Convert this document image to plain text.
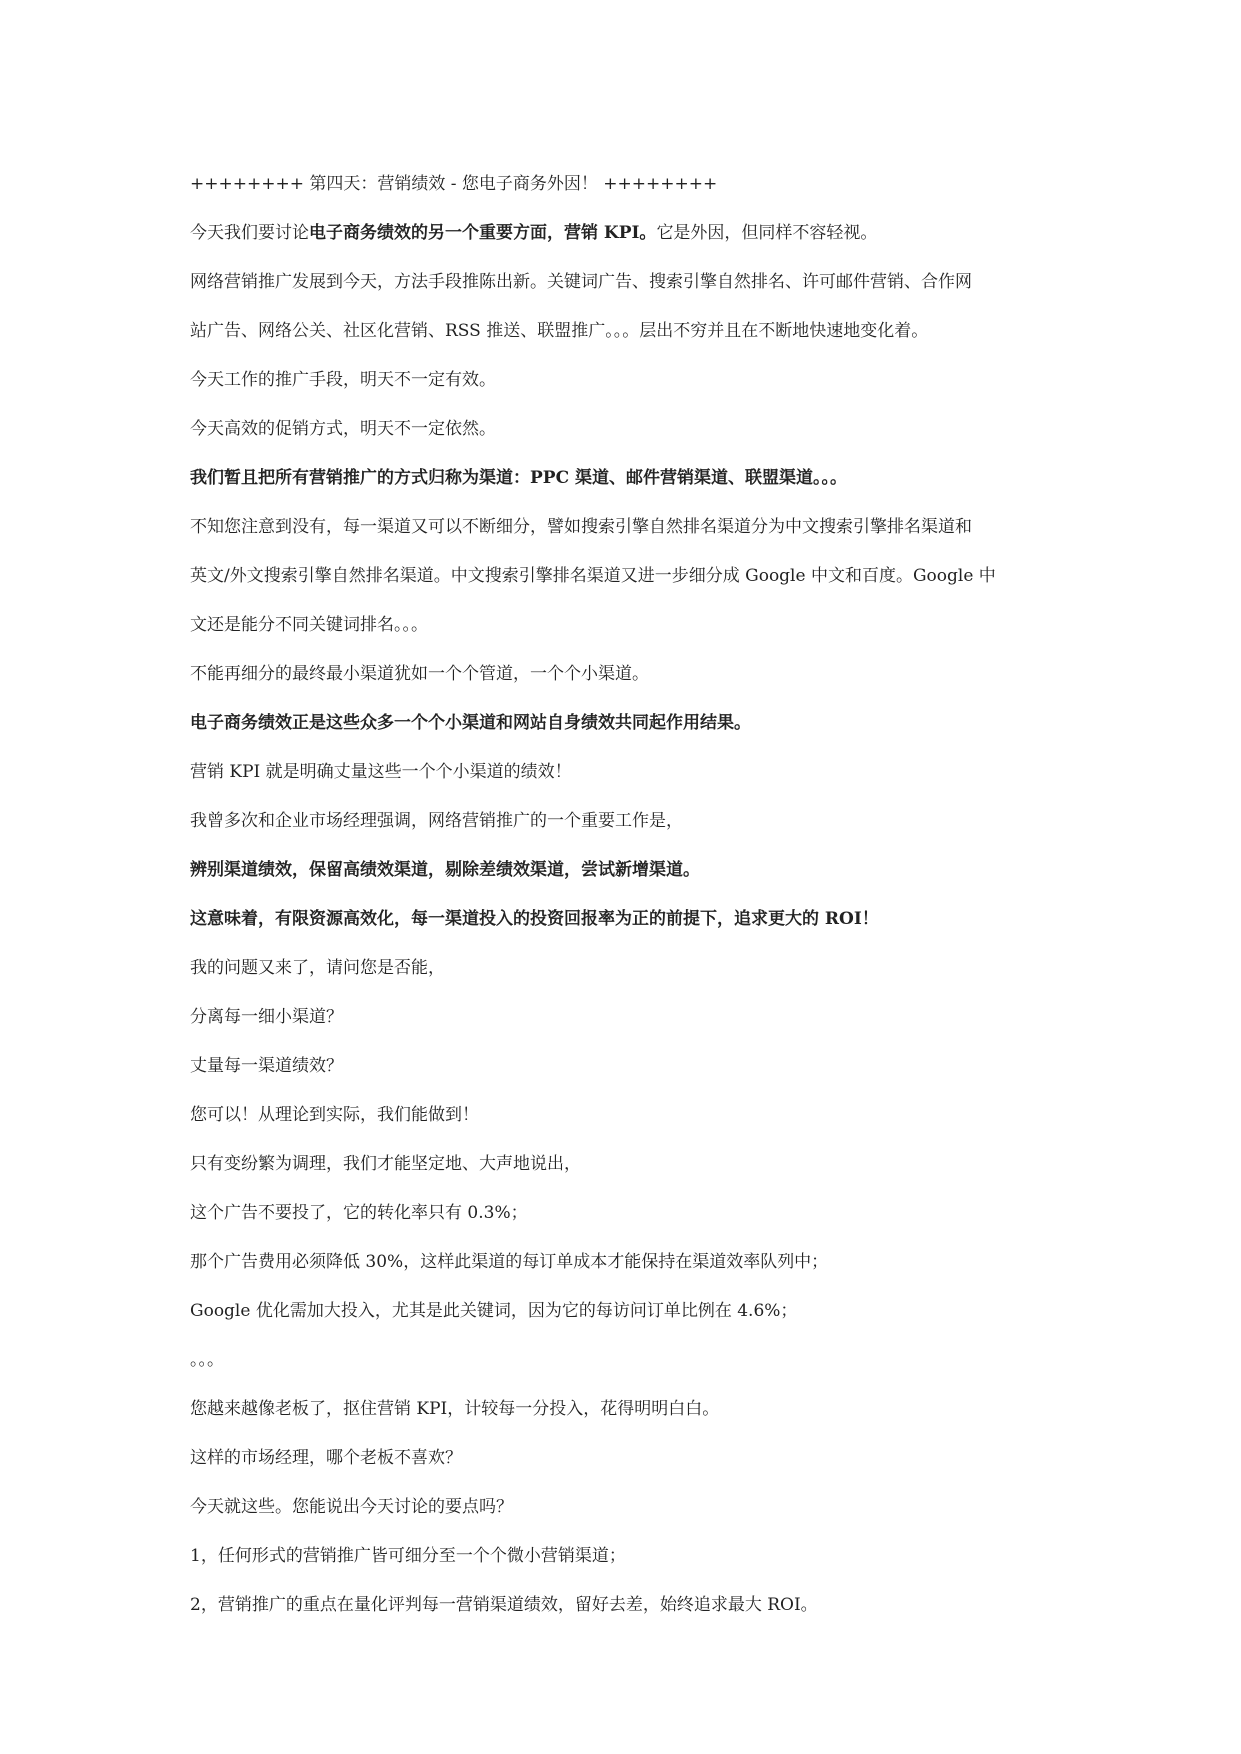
++++++++ 第四天：营销绩效 - 您电子商务外因！ ++++++++
今天我们要讨论电子商务绩效的另一个重要方面，营销 KPI。它是外因，但同样不容轻视。
网络营销推广发展到今天，方法手段推陈出新。关键词广告、搜索引擎自然排名、许可邮件营销、合作网
站广告、网络公关、社区化营销、RSS 推送、联盟推广。。。层出不穷并且在不断地快速地变化着。
今天工作的推广手段，明天不一定有效。
今天高效的促销方式，明天不一定依然。
我们暂且把所有营销推广的方式归称为渠道：PPC 渠道、邮件营销渠道、联盟渠道。。。
不知您注意到没有，每一渠道又可以不断细分，譬如搜索引擎自然排名渠道分为中文搜索引擎排名渠道和
英文/外文搜索引擎自然排名渠道。中文搜索引擎排名渠道又进一步细分成 Google 中文和百度。Google 中
文还是能分不同关键词排名。。。
不能再细分的最终最小渠道犹如一个个管道，一个个小渠道。
电子商务绩效正是这些众多一个个小渠道和网站自身绩效共同起作用结果。
营销 KPI 就是明确丈量这些一个个小渠道的绩效！
我曾多次和企业市场经理强调，网络营销推广的一个重要工作是，
辨别渠道绩效，保留高绩效渠道，剔除差绩效渠道，尝试新增渠道。
这意味着，有限资源高效化，每一渠道投入的投资回报率为正的前提下，追求更大的 ROI！
我的问题又来了，请问您是否能，
分离每一细小渠道？
丈量每一渠道绩效？
您可以！从理论到实际，我们能做到！
只有变纷繁为调理，我们才能坚定地、大声地说出，
这个广告不要投了，它的转化率只有 0.3%；
那个广告费用必须降低 30%，这样此渠道的每订单成本才能保持在渠道效率队列中；
Google 优化需加大投入，尤其是此关键词，因为它的每访问订单比例在 4.6%；
。。。
您越来越像老板了，抠住营销 KPI，计较每一分投入，花得明明白白。
这样的市场经理，哪个老板不喜欢？
今天就这些。您能说出今天讨论的要点吗？
1，任何形式的营销推广皆可细分至一个个微小营销渠道；
2，营销推广的重点在量化评判每一营销渠道绩效，留好去差，始终追求最大 ROI。
